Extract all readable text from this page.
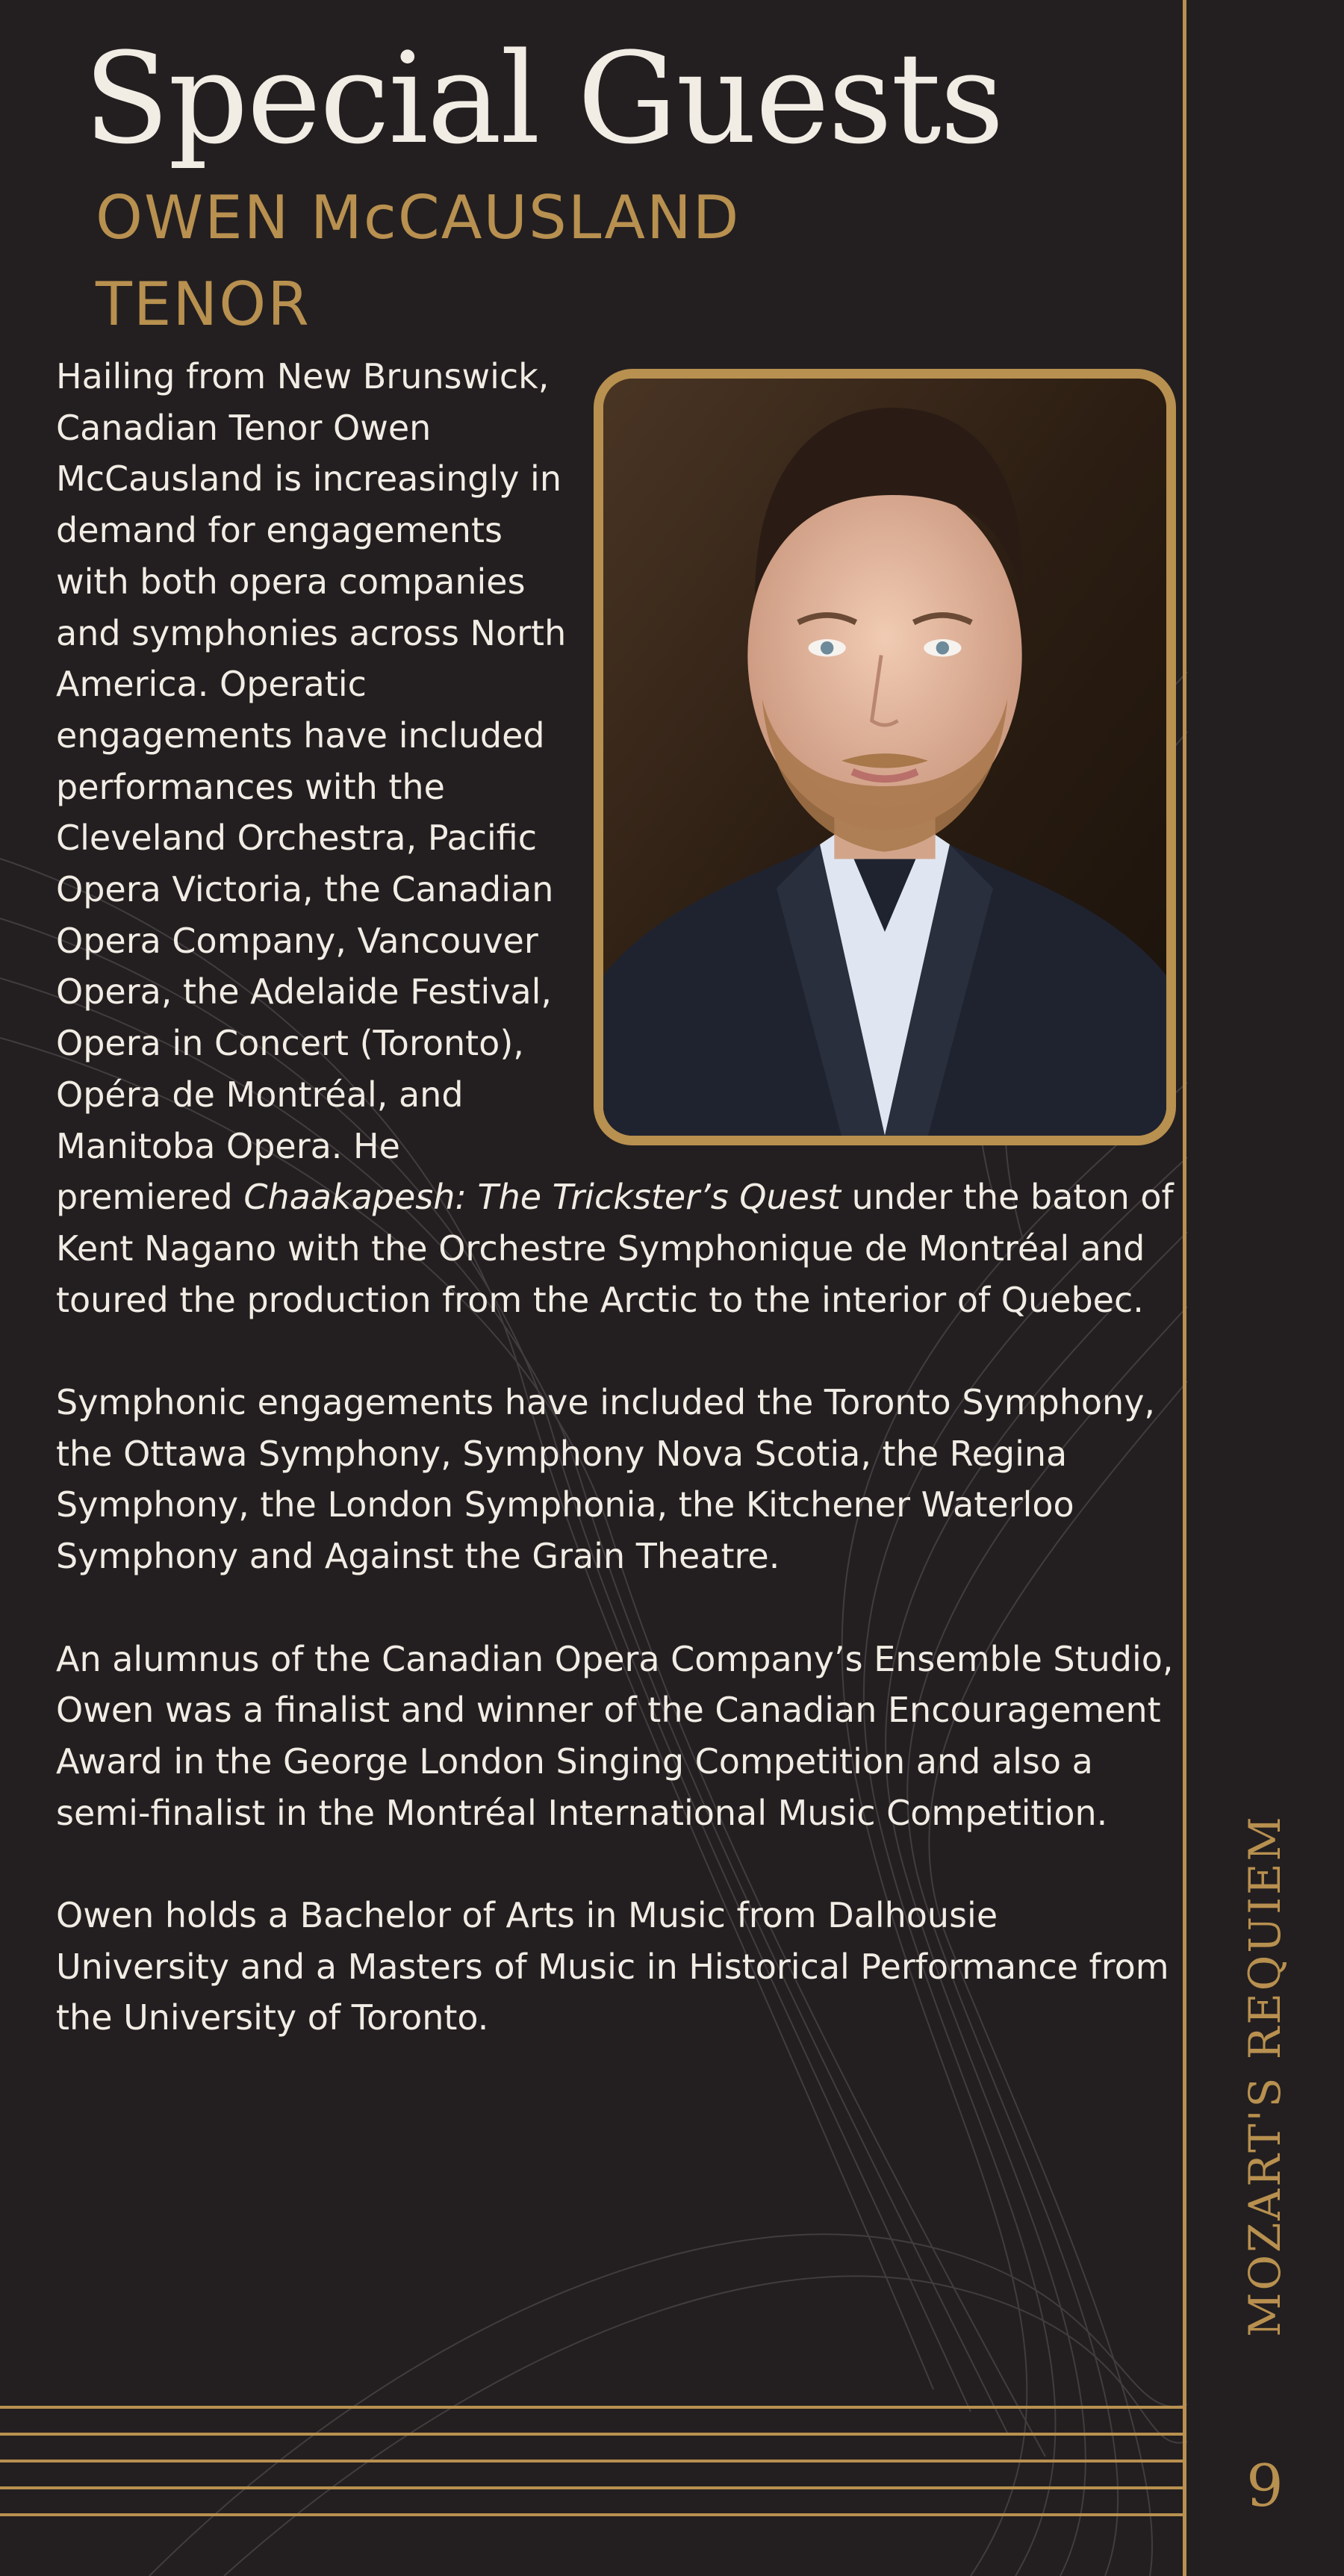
Special Guests
OWEN McCAUSLAND
TENOR

Hailing from New Brunswick, Canadian Tenor Owen McCausland is increasingly in demand for engagements with both opera companies and symphonies across North America. Operatic engagements have included performances with the Cleveland Orchestra, Pacific Opera Victoria, the Canadian Opera Company, Vancouver Opera, the Adelaide Festival, Opera in Concert (Toronto), Opéra de Montréal, and Manitoba Opera. He premiered Chaakapesh: The Trickster’s Quest under the baton of Kent Nagano with the Orchestre Symphonique de Montréal and toured the production from the Arctic to the interior of Quebec.

Symphonic engagements have included the Toronto Symphony, the Ottawa Symphony, Symphony Nova Scotia, the Regina Symphony, the London Symphonia, the Kitchener Waterloo Symphony and Against the Grain Theatre.

An alumnus of the Canadian Opera Company’s Ensemble Studio, Owen was a finalist and winner of the Canadian Encouragement Award in the George London Singing Competition and also a semi-finalist in the Montréal International Music Competition.

Owen holds a Bachelor of Arts in Music from Dalhousie University and a Masters of Music in Historical Performance from the University of Toronto.	MOZART'S REQUIEM
9
